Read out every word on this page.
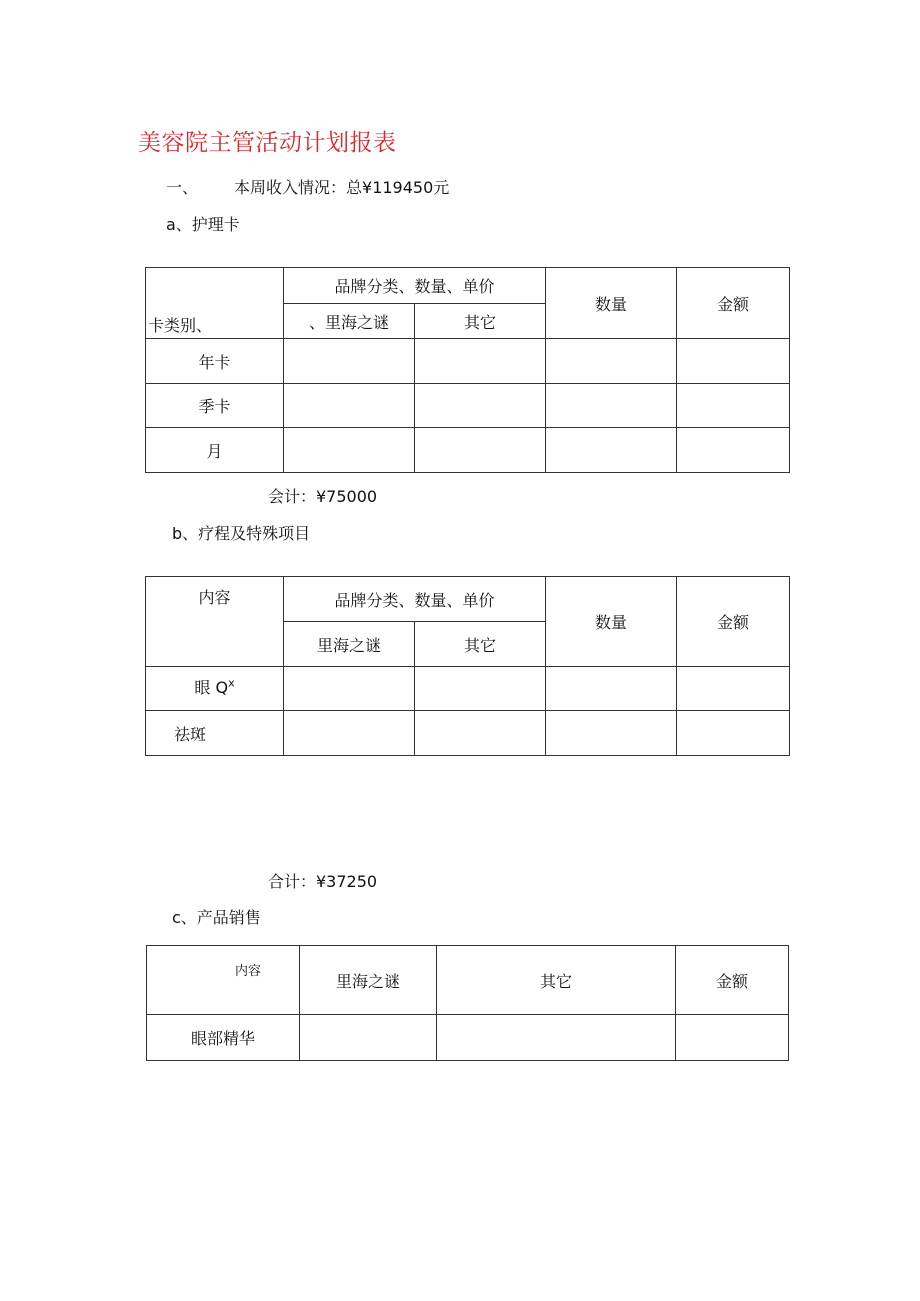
美容院主管活动计划报表
一、 本周收入情况：总¥119450元
a、护理卡
卡类别、	品牌分类、数量、单价		数量	金额
	、里海之谜	其它		
年卡				
季卡				
月				
会计：¥75000
b、疗程及特殊项目
内容	品牌分类、数量、单价		数量	金额
	里海之谜	其它		
眼 $Q^x$				
祛斑				
合计：¥37250
c、产品销售
内容	里海之谜	其它	金额
眼部精华			
